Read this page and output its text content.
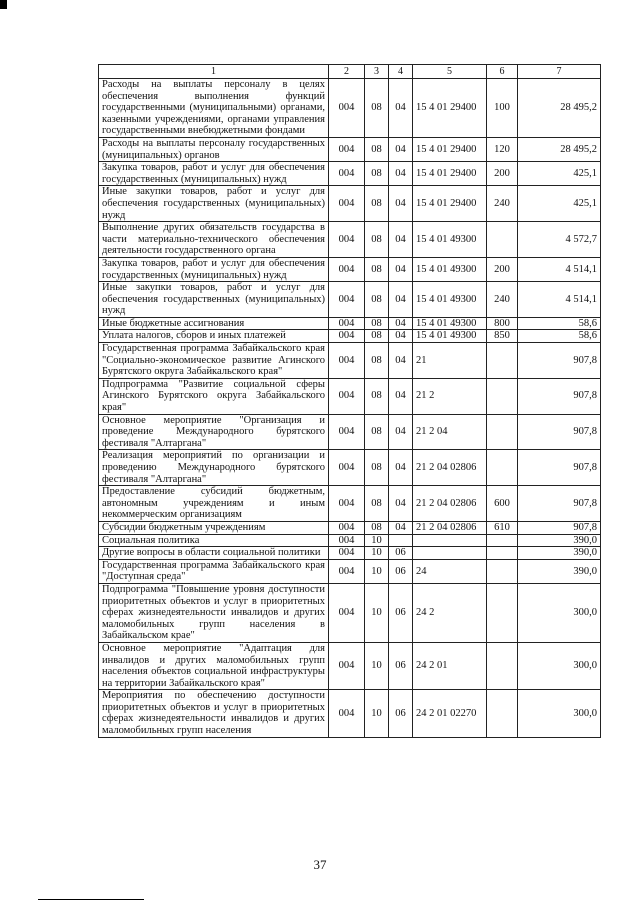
1	2	3	4	5	6	7
Расходы на выплаты персоналу в целях обеспечения выполнения функций государственными (муниципальными) органами, казенными учреждениями, органами управления государственными внебюджетными фондами	004	08	04	15 4 01 29400	100	28 495,2
Расходы на выплаты персоналу государственных (муниципальных) органов	004	08	04	15 4 01 29400	120	28 495,2
Закупка товаров, работ и услуг для обеспечения государственных (муниципальных) нужд	004	08	04	15 4 01 29400	200	425,1
Иные закупки товаров, работ и услуг для обеспечения государственных (муниципальных) нужд	004	08	04	15 4 01 29400	240	425,1
Выполнение других обязательств государства в части материально-технического обеспечения деятельности государственного органа	004	08	04	15 4 01 49300		4 572,7
Закупка товаров, работ и услуг для обеспечения государственных (муниципальных) нужд	004	08	04	15 4 01 49300	200	4 514,1
Иные закупки товаров, работ и услуг для обеспечения государственных (муниципальных) нужд	004	08	04	15 4 01 49300	240	4 514,1
Иные бюджетные ассигнования	004	08	04	15 4 01 49300	800	58,6
Уплата налогов, сборов и иных платежей	004	08	04	15 4 01 49300	850	58,6
Государственная программа Забайкальского края "Социально-экономическое развитие Агинского Бурятского округа Забайкальского края"	004	08	04	21		907,8
Подпрограмма "Развитие социальной сферы Агинского Бурятского округа Забайкальского края"	004	08	04	21 2		907,8
Основное мероприятие "Организация и проведение Международного бурятского фестиваля "Алтаргана"	004	08	04	21 2 04		907,8
Реализация мероприятий по организации и проведению Международного бурятского фестиваля "Алтаргана"	004	08	04	21 2 04 02806		907,8
Предоставление субсидий бюджетным, автономным учреждениям и иным некоммерческим организациям	004	08	04	21 2 04 02806	600	907,8
Субсидии бюджетным учреждениям	004	08	04	21 2 04 02806	610	907,8
Социальная политика	004	10				390,0
Другие вопросы в области социальной политики	004	10	06			390,0
Государственная программа Забайкальского края "Доступная среда"	004	10	06	24		390,0
Подпрограмма "Повышение уровня доступности приоритетных объектов и услуг в приоритетных сферах жизнедеятельности инвалидов и других маломобильных групп населения в Забайкальском крае"	004	10	06	24 2		300,0
Основное мероприятие "Адаптация для инвалидов и других маломобильных групп населения объектов социальной инфраструктуры на территории Забайкальского края"	004	10	06	24 2 01		300,0
Мероприятия по обеспечению доступности приоритетных объектов и услуг в приоритетных сферах жизнедеятельности инвалидов и других маломобильных групп населения	004	10	06	24 2 01 02270		300,0
37
